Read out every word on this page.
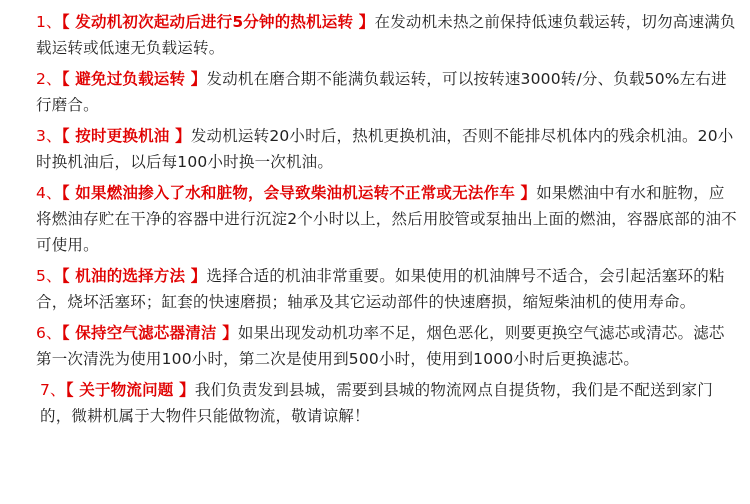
1、【 发动机初次起动后进行5分钟的热机运转 】在发动机未热之前保持低速负载运转，切勿高速满负载运转或低速无负载运转。

2、【 避免过负载运转 】发动机在磨合期不能满负载运转，可以按转速3000转/分、负载50%左右进行磨合。

3、【 按时更换机油 】发动机运转20小时后，热机更换机油，否则不能排尽机体内的残余机油。20小时换机油后，以后每100小时换一次机油。

4、【 如果燃油掺入了水和脏物，会导致柴油机运转不正常或无法作车 】如果燃油中有水和脏物，应将燃油存贮在干净的容器中进行沉淀2个小时以上，然后用胶管或泵抽出上面的燃油，容器底部的油不可使用。

5、【 机油的选择方法 】选择合适的机油非常重要。如果使用的机油牌号不适合，会引起活塞环的粘合，烧坏活塞环；缸套的快速磨损；轴承及其它运动部件的快速磨损，缩短柴油机的使用寿命。

6、【 保持空气滤芯器清洁 】如果出现发动机功率不足，烟色恶化，则要更换空气滤芯或清芯。滤芯第一次清洗为使用100小时，第二次是使用到500小时，使用到1000小时后更换滤芯。

7、【 关于物流问题 】我们负责发到县城，需要到县城的物流网点自提货物，我们是不配送到家门的，微耕机属于大物件只能做物流，敬请谅解！
